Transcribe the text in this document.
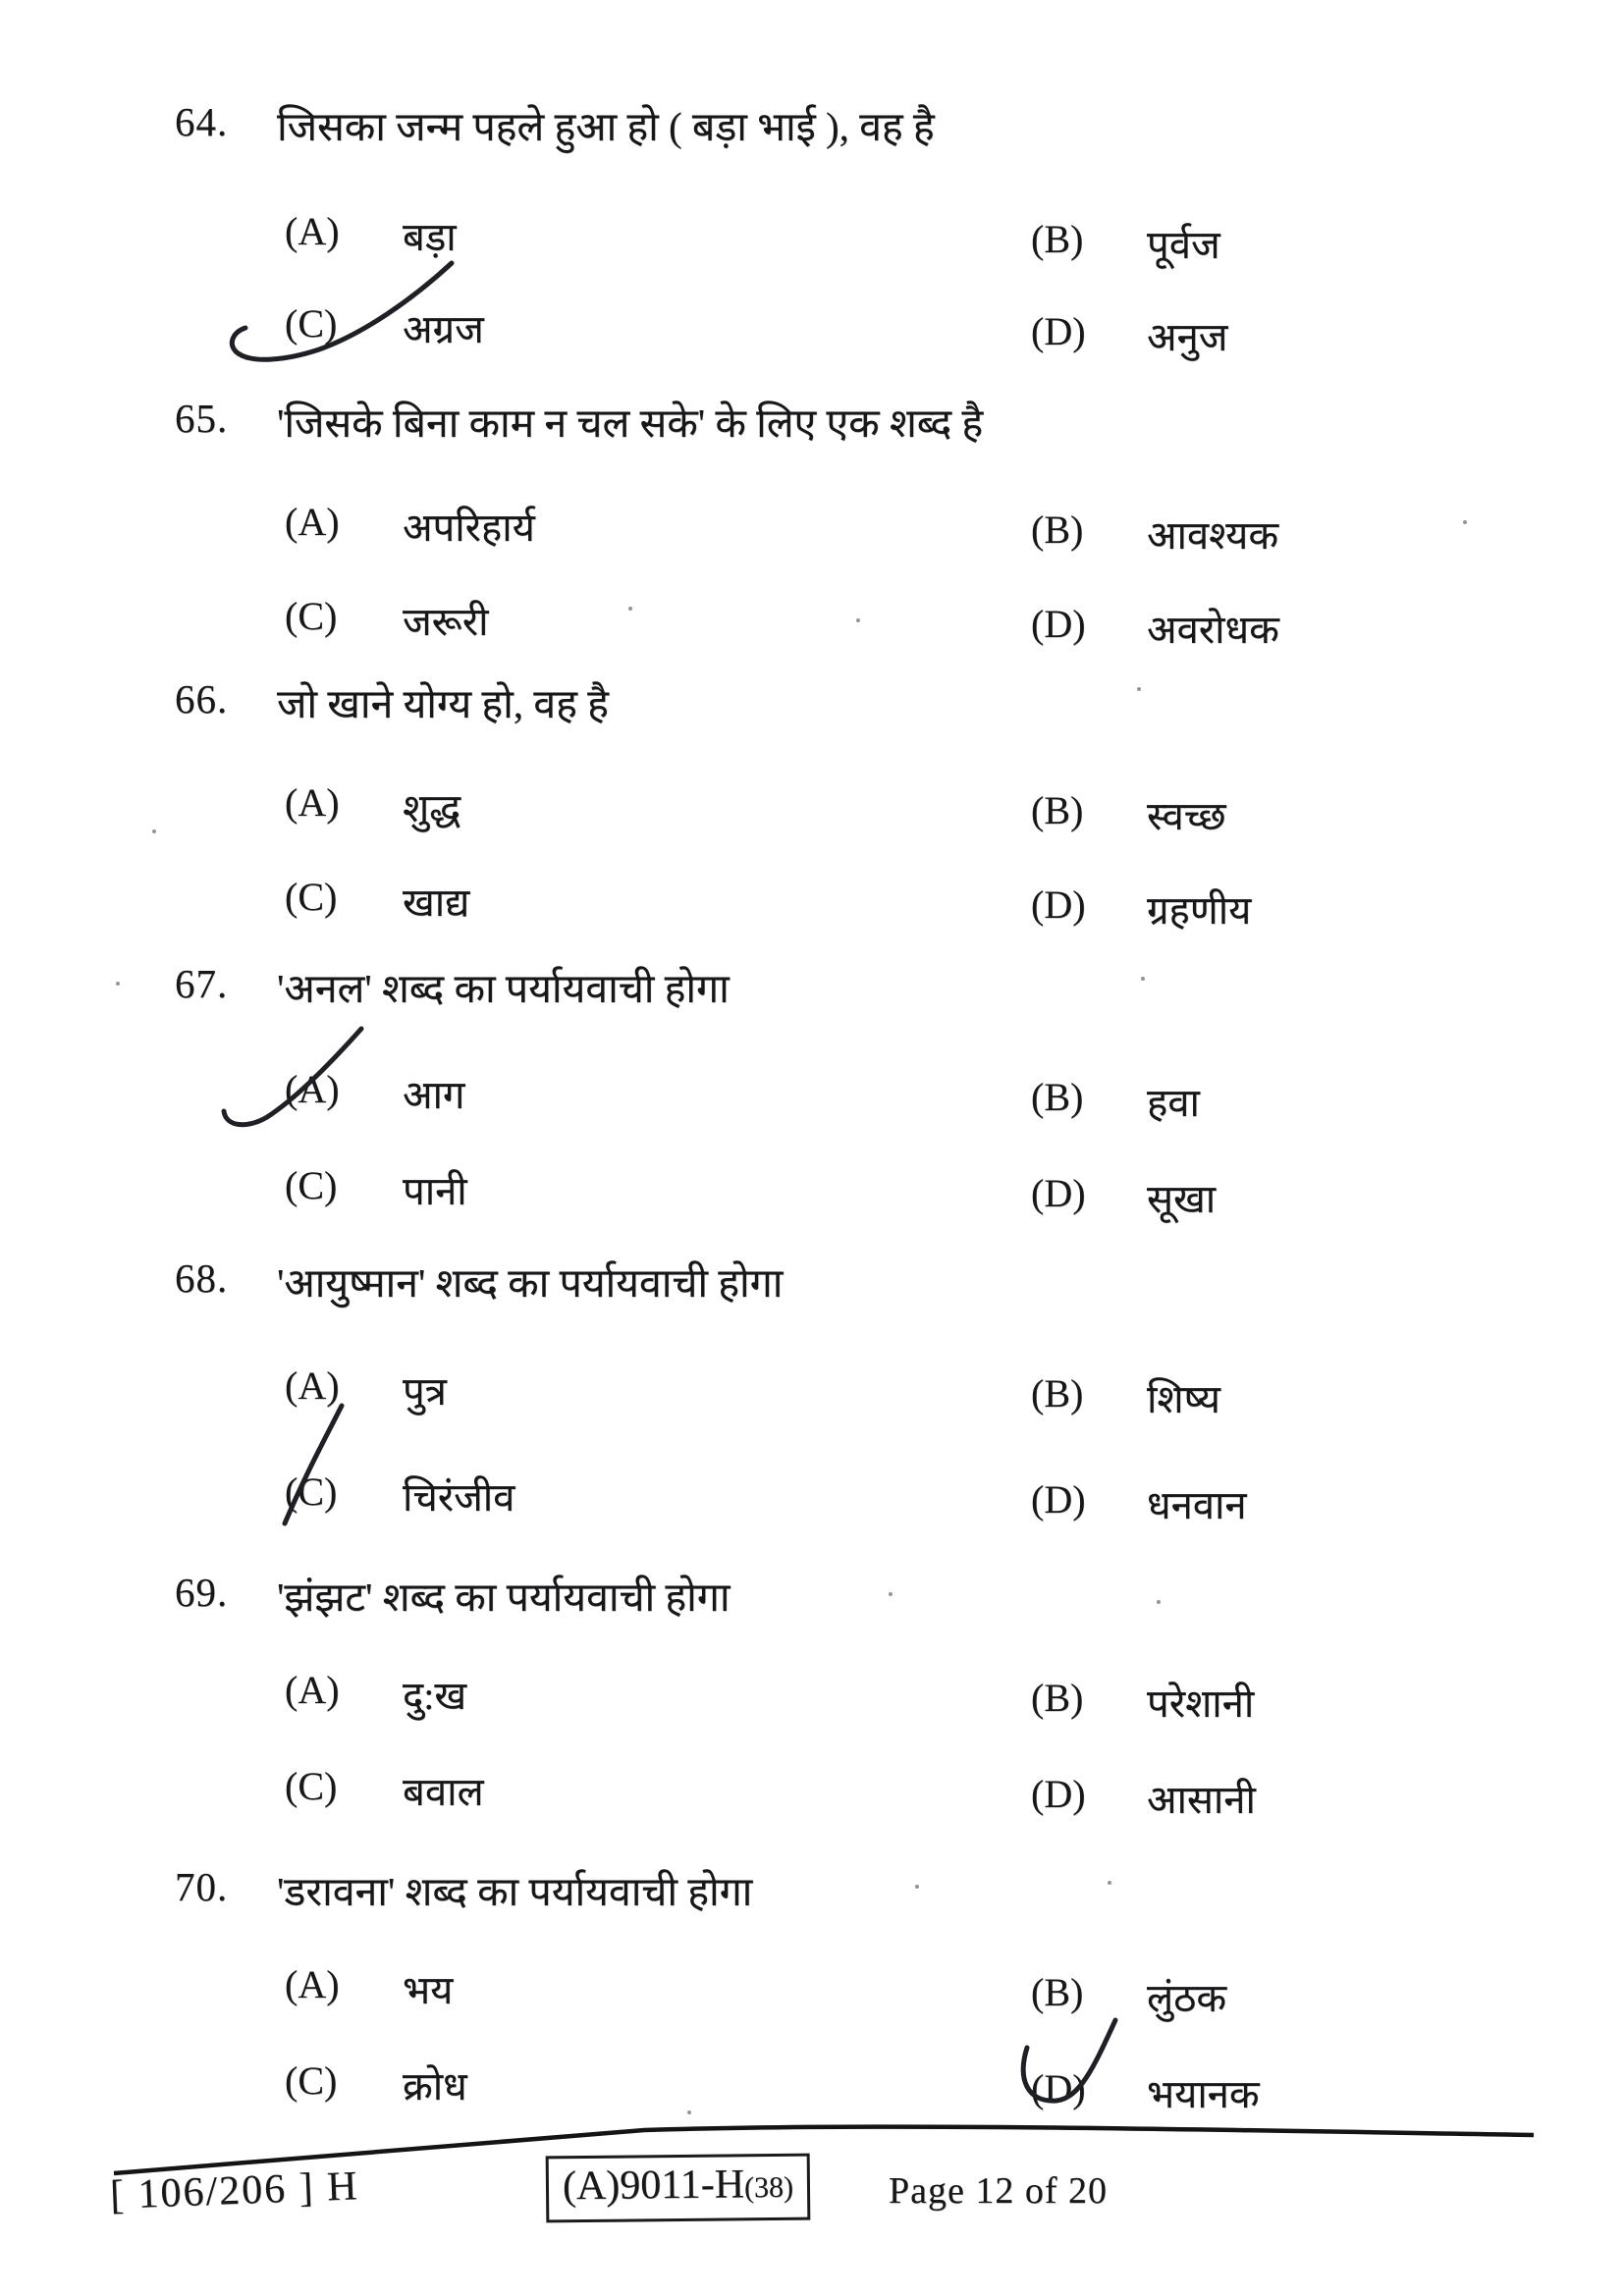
64. जिसका जन्म पहले हुआ हो ( बड़ा भाई ), वह है
(A) बड़ा	(B) पूर्वज
(C) अग्रज	(D) अनुज
65. 'जिसके बिना काम न चल सके' के लिए एक शब्द है
(A) अपरिहार्य	(B) आवश्यक
(C) जरूरी	(D) अवरोधक
66. जो खाने योग्य हो, वह है
(A) शुद्ध	(B) स्वच्छ
(C) खाद्य	(D) ग्रहणीय
67. 'अनल' शब्द का पर्यायवाची होगा
(A) आग	(B) हवा
(C) पानी	(D) सूखा
68. 'आयुष्मान' शब्द का पर्यायवाची होगा
(A) पुत्र	(B) शिष्य
(C) चिरंजीव	(D) धनवान
69. 'झंझट' शब्द का पर्यायवाची होगा
(A) दु:ख	(B) परेशानी
(C) बवाल	(D) आसानी
70. 'डरावना' शब्द का पर्यायवाची होगा
(A) भय	(B) लुंठक
(C) क्रोध	(D) भयानक
[ 106/206 ] H	(A)9011-H(38)	Page 12 of 20
